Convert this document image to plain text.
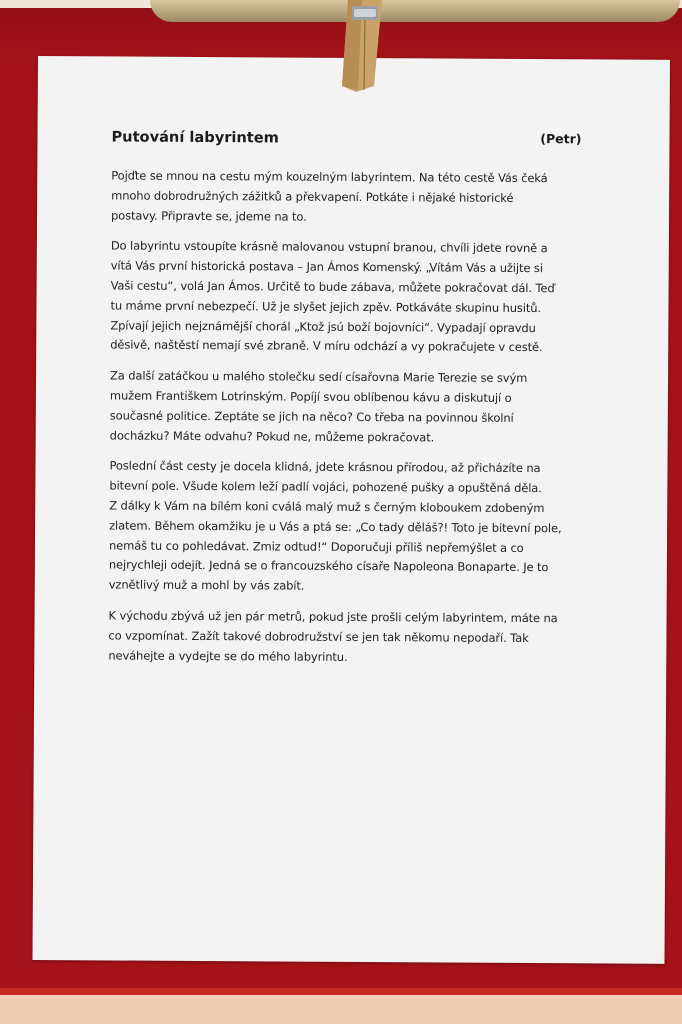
Putování labyrintem	(Petr)
Pojďte se mnou na cestu mým kouzelným labyrintem. Na této cestě Vás čeká
mnoho dobrodružných zážitků a překvapení. Potkáte i nějaké historické
postavy. Připravte se, jdeme na to.
Do labyrintu vstoupíte krásně malovanou vstupní branou, chvíli jdete rovně a
vítá Vás první historická postava – Jan Ámos Komenský. „Vítám Vás a užijte si
Vaši cestu“, volá Jan Ámos. Určitě to bude zábava, můžete pokračovat dál. Teď
tu máme první nebezpečí. Už je slyšet jejich zpěv. Potkáváte skupinu husitů.
Zpívají jejich nejznámější chorál „Ktož jsú boží bojovníci“. Vypadají opravdu
děsivě, naštěstí nemají své zbraně. V míru odchází a vy pokračujete v cestě.
Za další zatáčkou u malého stolečku sedí císařovna Marie Terezie se svým
mužem Františkem Lotrinským. Popíjí svou oblíbenou kávu a diskutují o
současné politice. Zeptáte se jich na něco? Co třeba na povinnou školní
docházku? Máte odvahu? Pokud ne, můžeme pokračovat.
Poslední část cesty je docela klidná, jdete krásnou přírodou, až přicházíte na
bitevní pole. Všude kolem leží padlí vojáci, pohozené pušky a opuštěná děla.
Z dálky k Vám na bílém koni cválá malý muž s černým kloboukem zdobeným
zlatem. Během okamžiku je u Vás a ptá se: „Co tady děláš?! Toto je bitevní pole,
nemáš tu co pohledávat. Zmiz odtud!“ Doporučuji příliš nepřemýšlet a co
nejrychleji odejít. Jedná se o francouzského císaře Napoleona Bonaparte. Je to
vznětlivý muž a mohl by vás zabít.
K východu zbývá už jen pár metrů, pokud jste prošli celým labyrintem, máte na
co vzpomínat. Zažít takové dobrodružství se jen tak někomu nepodaří. Tak
neváhejte a vydejte se do mého labyrintu.
